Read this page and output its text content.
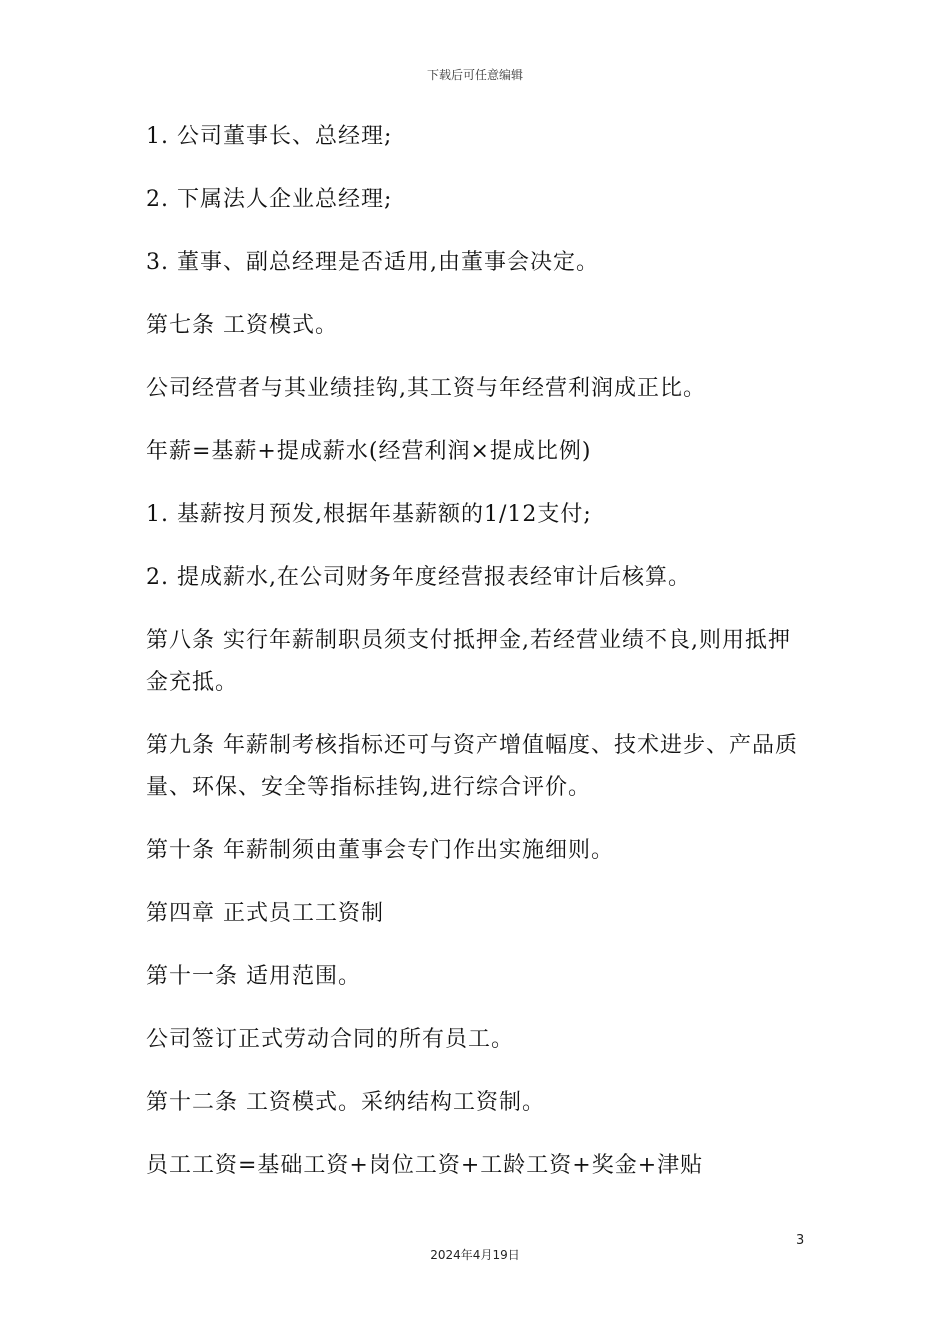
下载后可任意编辑

1. 公司董事长、总经理;

2. 下属法人企业总经理;

3. 董事、副总经理是否适用,由董事会决定。

第七条 工资模式。

公司经营者与其业绩挂钩,其工资与年经营利润成正比。

年薪=基薪+提成薪水(经营利润×提成比例)

1. 基薪按月预发,根据年基薪额的1/12支付;

2. 提成薪水,在公司财务年度经营报表经审计后核算。

第八条 实行年薪制职员须支付抵押金,若经营业绩不良,则用抵押金充抵。

第九条 年薪制考核指标还可与资产增值幅度、技术进步、产品质量、环保、安全等指标挂钩,进行综合评价。

第十条 年薪制须由董事会专门作出实施细则。

第四章 正式员工工资制

第十一条 适用范围。

公司签订正式劳动合同的所有员工。

第十二条 工资模式。采纳结构工资制。

员工工资=基础工资+岗位工资+工龄工资+奖金+津贴

3
2024年4月19日
